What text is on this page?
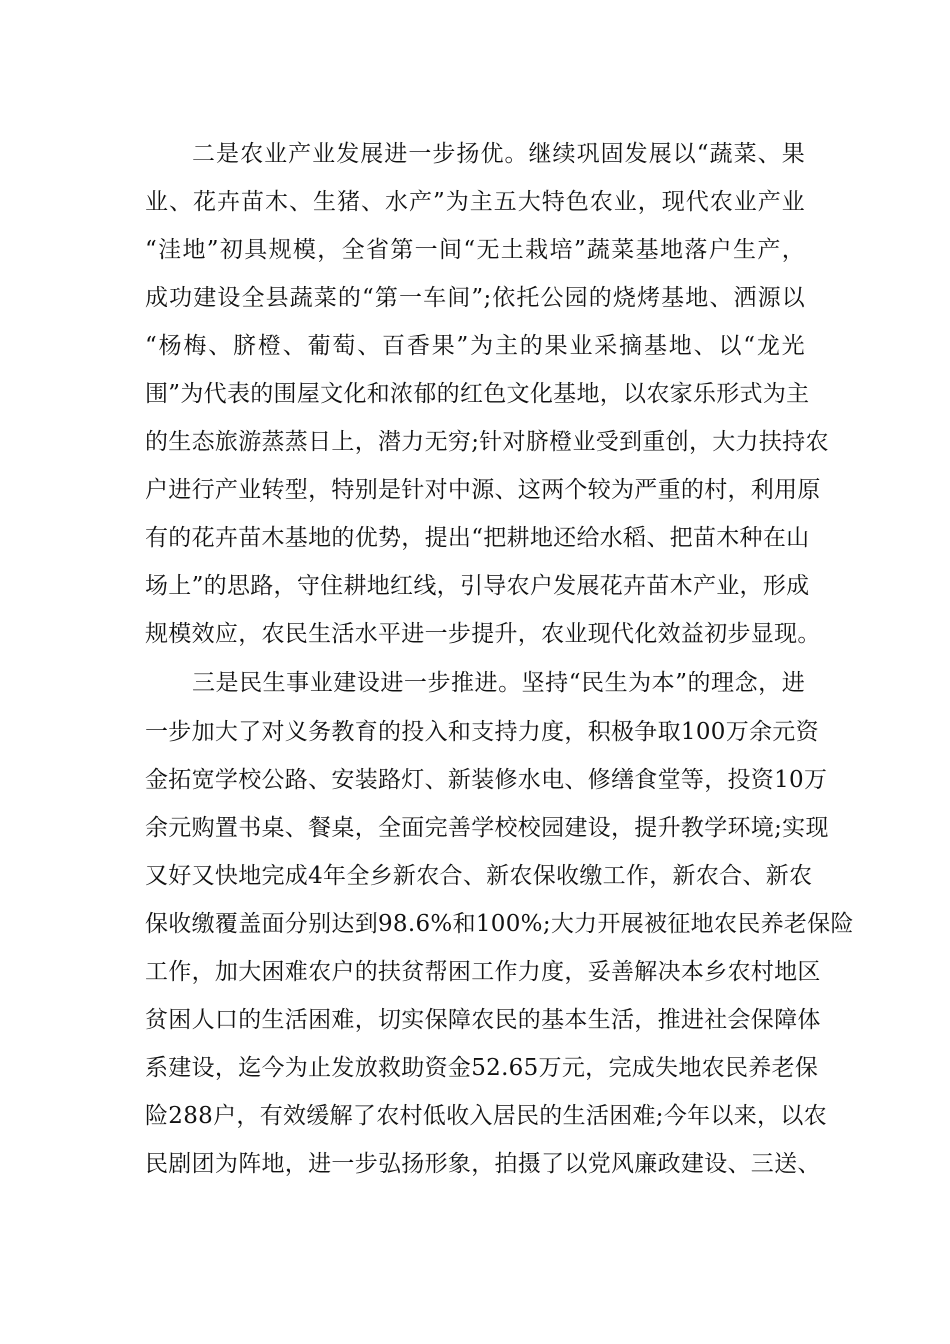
二是农业产业发展进一步扬优。继续巩固发展以“蔬菜、果
业、花卉苗木、生猪、水产”为主五大特色农业，现代农业产业
“洼地”初具规模，全省第一间“无土栽培”蔬菜基地落户生产，
成功建设全县蔬菜的“第一车间”;依托公园的烧烤基地、洒源以
“杨梅、脐橙、葡萄、百香果”为主的果业采摘基地、以“龙光
围”为代表的围屋文化和浓郁的红色文化基地，以农家乐形式为主
的生态旅游蒸蒸日上，潜力无穷;针对脐橙业受到重创，大力扶持农
户进行产业转型，特别是针对中源、这两个较为严重的村，利用原
有的花卉苗木基地的优势，提出“把耕地还给水稻、把苗木种在山
场上”的思路，守住耕地红线，引导农户发展花卉苗木产业，形成
规模效应，农民生活水平进一步提升，农业现代化效益初步显现。
三是民生事业建设进一步推进。坚持“民生为本”的理念，进
一步加大了对义务教育的投入和支持力度，积极争取100万余元资
金拓宽学校公路、安装路灯、新装修水电、修缮食堂等，投资10万
余元购置书桌、餐桌，全面完善学校校园建设，提升教学环境;实现
又好又快地完成4年全乡新农合、新农保收缴工作，新农合、新农
保收缴覆盖面分别达到98.6%和100%;大力开展被征地农民养老保险
工作，加大困难农户的扶贫帮困工作力度，妥善解决本乡农村地区
贫困人口的生活困难，切实保障农民的基本生活，推进社会保障体
系建设，迄今为止发放救助资金52.65万元，完成失地农民养老保
险288户，有效缓解了农村低收入居民的生活困难;今年以来，以农
民剧团为阵地，进一步弘扬形象，拍摄了以党风廉政建设、三送、
